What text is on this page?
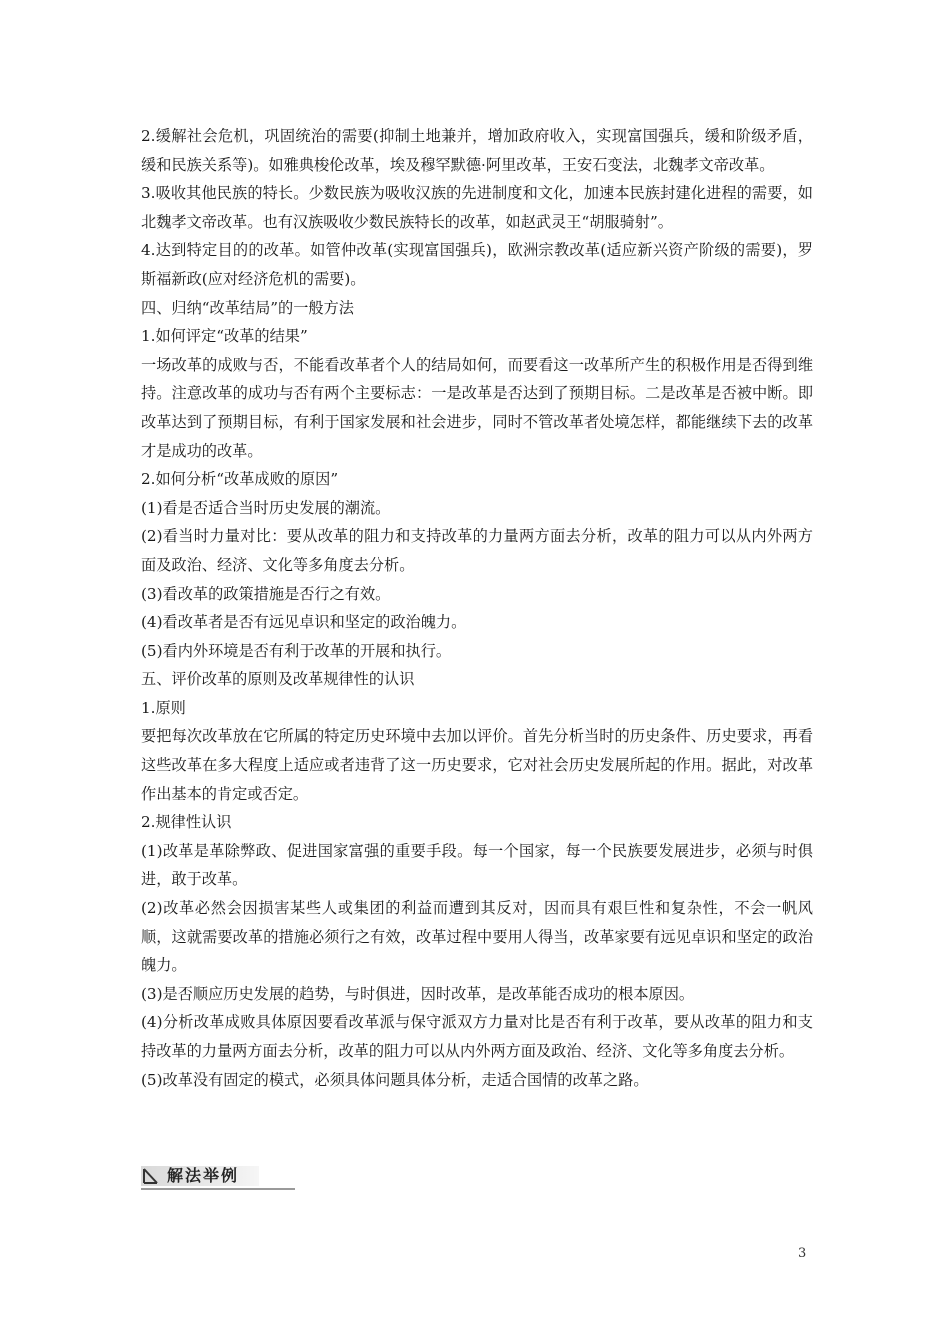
2.缓解社会危机，巩固统治的需要(抑制土地兼并，增加政府收入，实现富国强兵，缓和阶级矛盾，缓和民族关系等)。如雅典梭伦改革，埃及穆罕默德·阿里改革，王安石变法，北魏孝文帝改革。

3.吸收其他民族的特长。少数民族为吸收汉族的先进制度和文化，加速本民族封建化进程的需要，如北魏孝文帝改革。也有汉族吸收少数民族特长的改革，如赵武灵王“胡服骑射”。

4.达到特定目的的改革。如管仲改革(实现富国强兵)，欧洲宗教改革(适应新兴资产阶级的需要)，罗斯福新政(应对经济危机的需要)。

四、归纳“改革结局”的一般方法

1.如何评定“改革的结果”

一场改革的成败与否，不能看改革者个人的结局如何，而要看这一改革所产生的积极作用是否得到维持。注意改革的成功与否有两个主要标志：一是改革是否达到了预期目标。二是改革是否被中断。即改革达到了预期目标，有利于国家发展和社会进步，同时不管改革者处境怎样，都能继续下去的改革才是成功的改革。

2.如何分析“改革成败的原因”

(1)看是否适合当时历史发展的潮流。

(2)看当时力量对比：要从改革的阻力和支持改革的力量两方面去分析，改革的阻力可以从内外两方面及政治、经济、文化等多角度去分析。

(3)看改革的政策措施是否行之有效。

(4)看改革者是否有远见卓识和坚定的政治魄力。

(5)看内外环境是否有利于改革的开展和执行。

五、评价改革的原则及改革规律性的认识

1.原则

要把每次改革放在它所属的特定历史环境中去加以评价。首先分析当时的历史条件、历史要求，再看这些改革在多大程度上适应或者违背了这一历史要求，它对社会历史发展所起的作用。据此，对改革作出基本的肯定或否定。

2.规律性认识

(1)改革是革除弊政、促进国家富强的重要手段。每一个国家，每一个民族要发展进步，必须与时俱进，敢于改革。

(2)改革必然会因损害某些人或集团的利益而遭到其反对，因而具有艰巨性和复杂性，不会一帆风顺，这就需要改革的措施必须行之有效，改革过程中要用人得当，改革家要有远见卓识和坚定的政治魄力。

(3)是否顺应历史发展的趋势，与时俱进，因时改革，是改革能否成功的根本原因。

(4)分析改革成败具体原因要看改革派与保守派双方力量对比是否有利于改革，要从改革的阻力和支持改革的力量两方面去分析，改革的阻力可以从内外两方面及政治、经济、文化等多角度去分析。

(5)改革没有固定的模式，必须具体问题具体分析，走适合国情的改革之路。

解法举例
3
